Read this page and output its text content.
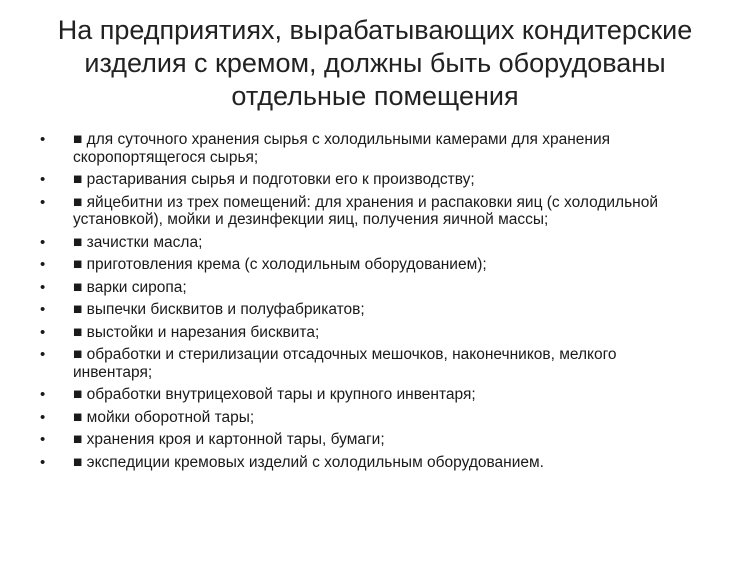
На предприятиях, вырабатывающих кондитерские изделия с кремом, должны быть оборудованы отдельные помещения
• ■ для суточного хранения сырья с холодильными камерами для хранения скоропортящегося сырья;
• ■ растаривания сырья и подготовки его к производству;
• ■ яйцебитни из трех помещений: для хранения и распаковки яиц (с холодильной установкой), мойки и дезинфекции яиц, получения яичной массы;
• ■ зачистки масла;
• ■ приготовления крема (с холодильным оборудованием);
• ■ варки сиропа;
• ■ выпечки бисквитов и полуфабрикатов;
• ■ выстойки и нарезания бисквита;
• ■ обработки и стерилизации отсадочных мешочков, наконечников, мелкого инвентаря;
• ■ обработки внутрицеховой тары и крупного инвентаря;
• ■ мойки оборотной тары;
• ■ хранения кроя и картонной тары, бумаги;
• ■ экспедиции кремовых изделий с холодильным оборудованием.
